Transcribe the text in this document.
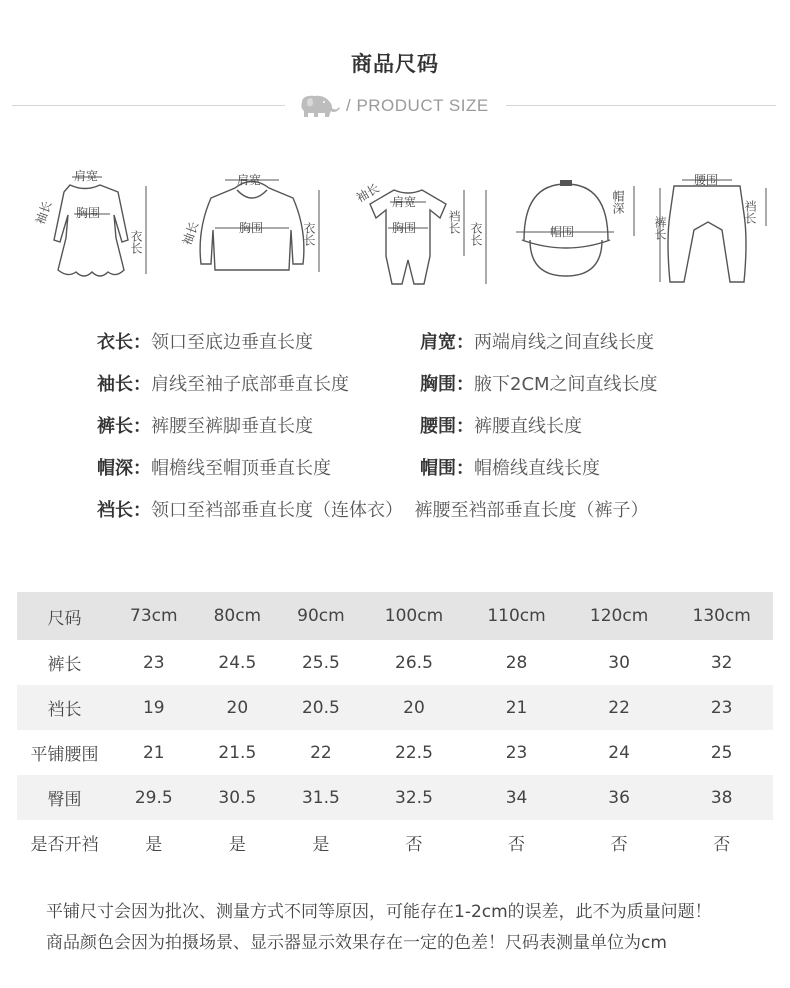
商品尺码
/ PRODUCT SIZE
肩宽
胸围
衣长
袖长
肩宽
胸围	衣长
袖长
肩宽
胸围	裆长 衣长
袖长
帽围
帽深
腰围
裤长
裆长
衣长：领口至底边垂直长度	肩宽：两端肩线之间直线长度
袖长：肩线至袖子底部垂直长度	胸围：腋下2CM之间直线长度
裤长：裤腰至裤脚垂直长度	腰围：裤腰直线长度
帽深：帽檐线至帽顶垂直长度	帽围：帽檐线直线长度
裆长：领口至裆部垂直长度（连体衣）  裤腰至裆部垂直长度（裤子）
尺码	73cm	80cm	90cm	100cm	110cm	120cm	130cm
裤长	23	24.5	25.5	26.5	28	30	32
裆长	19	20	20.5	20	21	22	23
平铺腰围	21	21.5	22	22.5	23	24	25
臀围	29.5	30.5	31.5	32.5	34	36	38
是否开裆	是	是	是	否	否	否	否
平铺尺寸会因为批次、测量方式不同等原因，可能存在1-2cm的误差，此不为质量问题！
商品颜色会因为拍摄场景、显示器显示效果存在一定的色差！尺码表测量单位为cm
